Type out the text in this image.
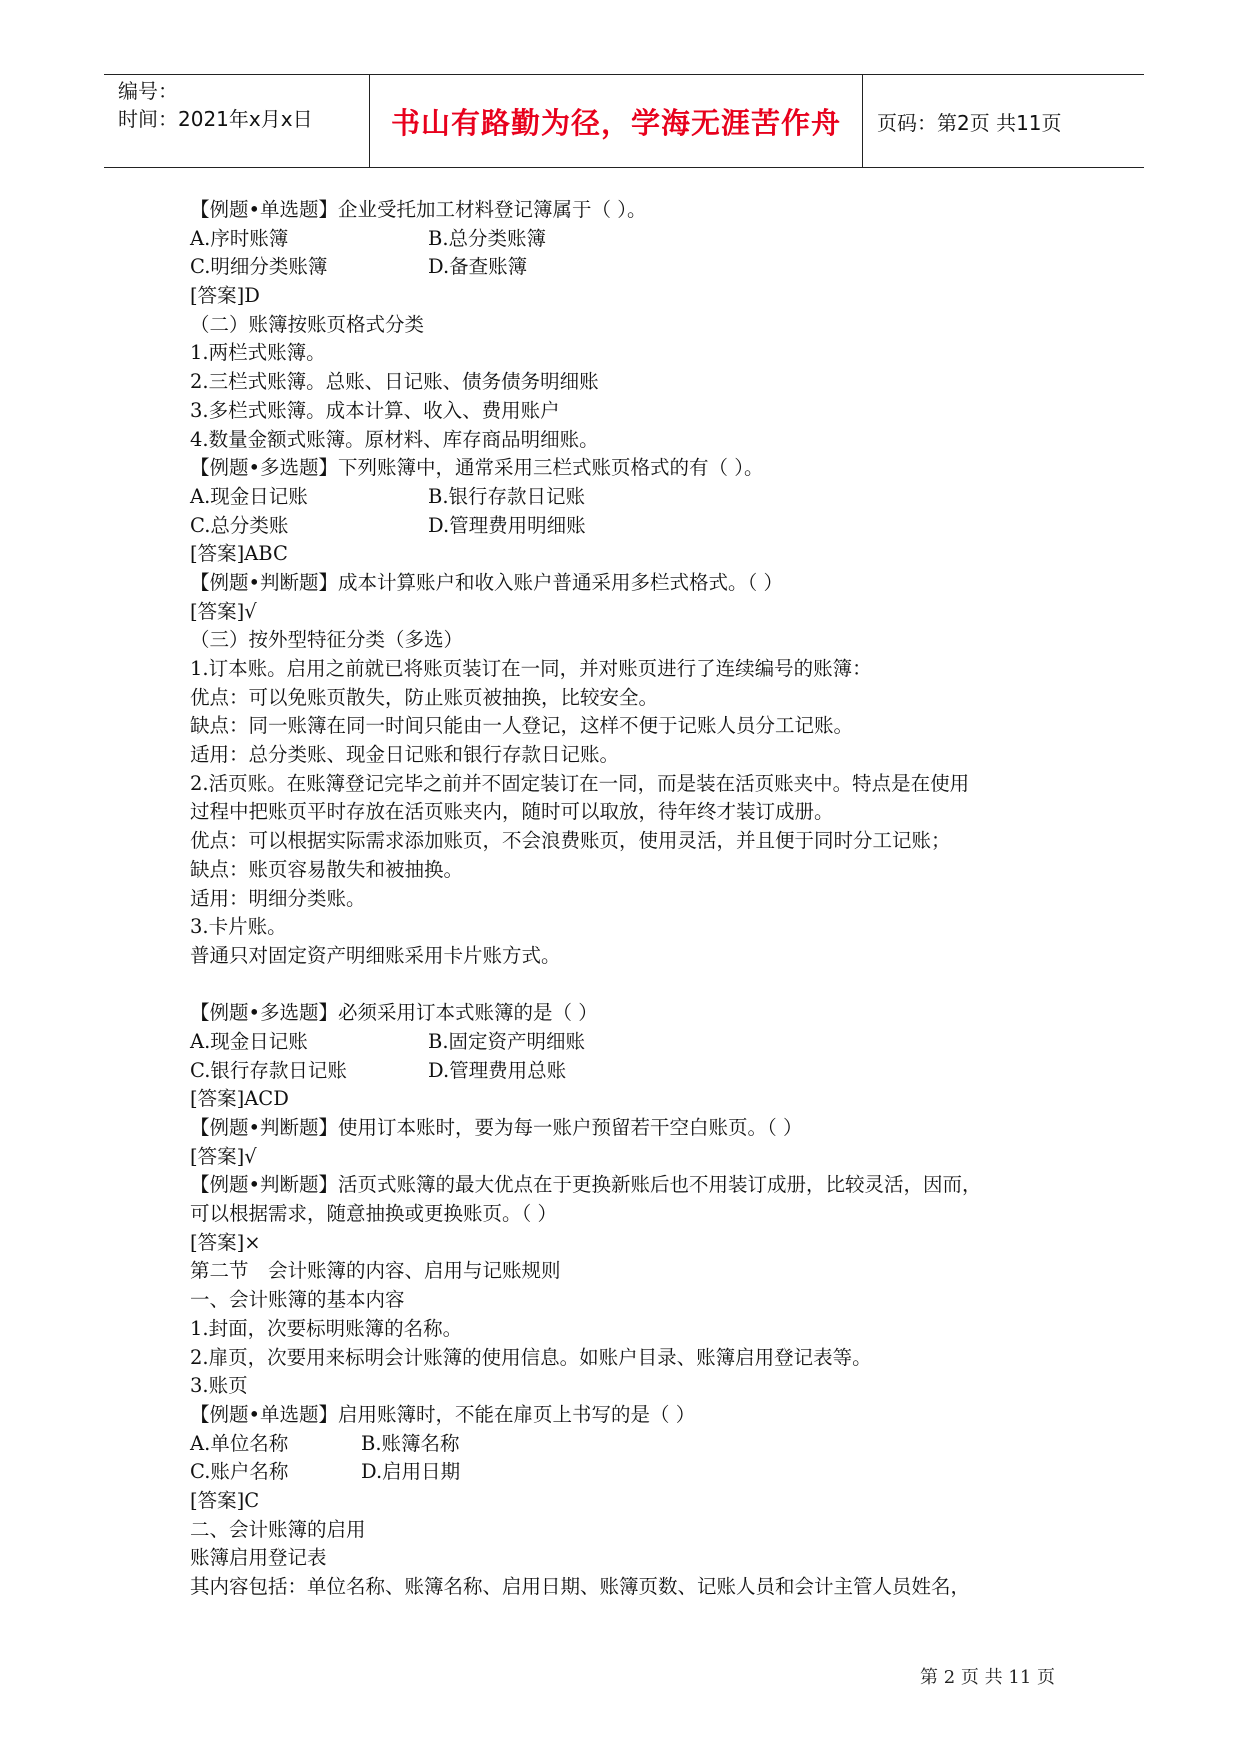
编号：
时间：2021年x月x日	书山有路勤为径，学海无涯苦作舟 页码：第2页 共11页
【例题•单选题】企业受托加工材料登记簿属于（ ）。
A.序时账簿	B.总分类账簿
C.明细分类账簿	D.备查账簿
[答案]D
（二）账簿按账页格式分类
1.两栏式账簿。
2.三栏式账簿。总账、日记账、债务债务明细账
3.多栏式账簿。成本计算、收入、费用账户
4.数量金额式账簿。原材料、库存商品明细账。
【例题•多选题】下列账簿中，通常采用三栏式账页格式的有（ ）。
A.现金日记账	B.银行存款日记账
C.总分类账	D.管理费用明细账
[答案]ABC
【例题•判断题】成本计算账户和收入账户普通采用多栏式格式。（ ）
[答案]√
（三）按外型特征分类（多选）
1.订本账。启用之前就已将账页装订在一同，并对账页进行了连续编号的账簿：
优点：可以免账页散失，防止账页被抽换，比较安全。
缺点：同一账簿在同一时间只能由一人登记，这样不便于记账人员分工记账。
适用：总分类账、现金日记账和银行存款日记账。
2.活页账。在账簿登记完毕之前并不固定装订在一同，而是装在活页账夹中。特点是在使用
过程中把账页平时存放在活页账夹内，随时可以取放，待年终才装订成册。
优点：可以根据实际需求添加账页，不会浪费账页，使用灵活，并且便于同时分工记账；
缺点：账页容易散失和被抽换。
适用：明细分类账。
3.卡片账。
普通只对固定资产明细账采用卡片账方式。
【例题•多选题】必须采用订本式账簿的是（ ）
A.现金日记账	B.固定资产明细账
C.银行存款日记账	D.管理费用总账
[答案]ACD
【例题•判断题】使用订本账时，要为每一账户预留若干空白账页。（ ）
[答案]√
【例题•判断题】活页式账簿的最大优点在于更换新账后也不用装订成册，比较灵活，因而，
可以根据需求，随意抽换或更换账页。（ ）
[答案]×
第二节　会计账簿的内容、启用与记账规则
一、会计账簿的基本内容
1.封面，次要标明账簿的名称。
2.扉页，次要用来标明会计账簿的使用信息。如账户目录、账簿启用登记表等。
3.账页
【例题•单选题】启用账簿时，不能在扉页上书写的是（ ）
A.单位名称	B.账簿名称
C.账户名称	D.启用日期
[答案]C
二、会计账簿的启用
账簿启用登记表
其内容包括：单位名称、账簿名称、启用日期、账簿页数、记账人员和会计主管人员姓名，
第 2 页 共 11 页
